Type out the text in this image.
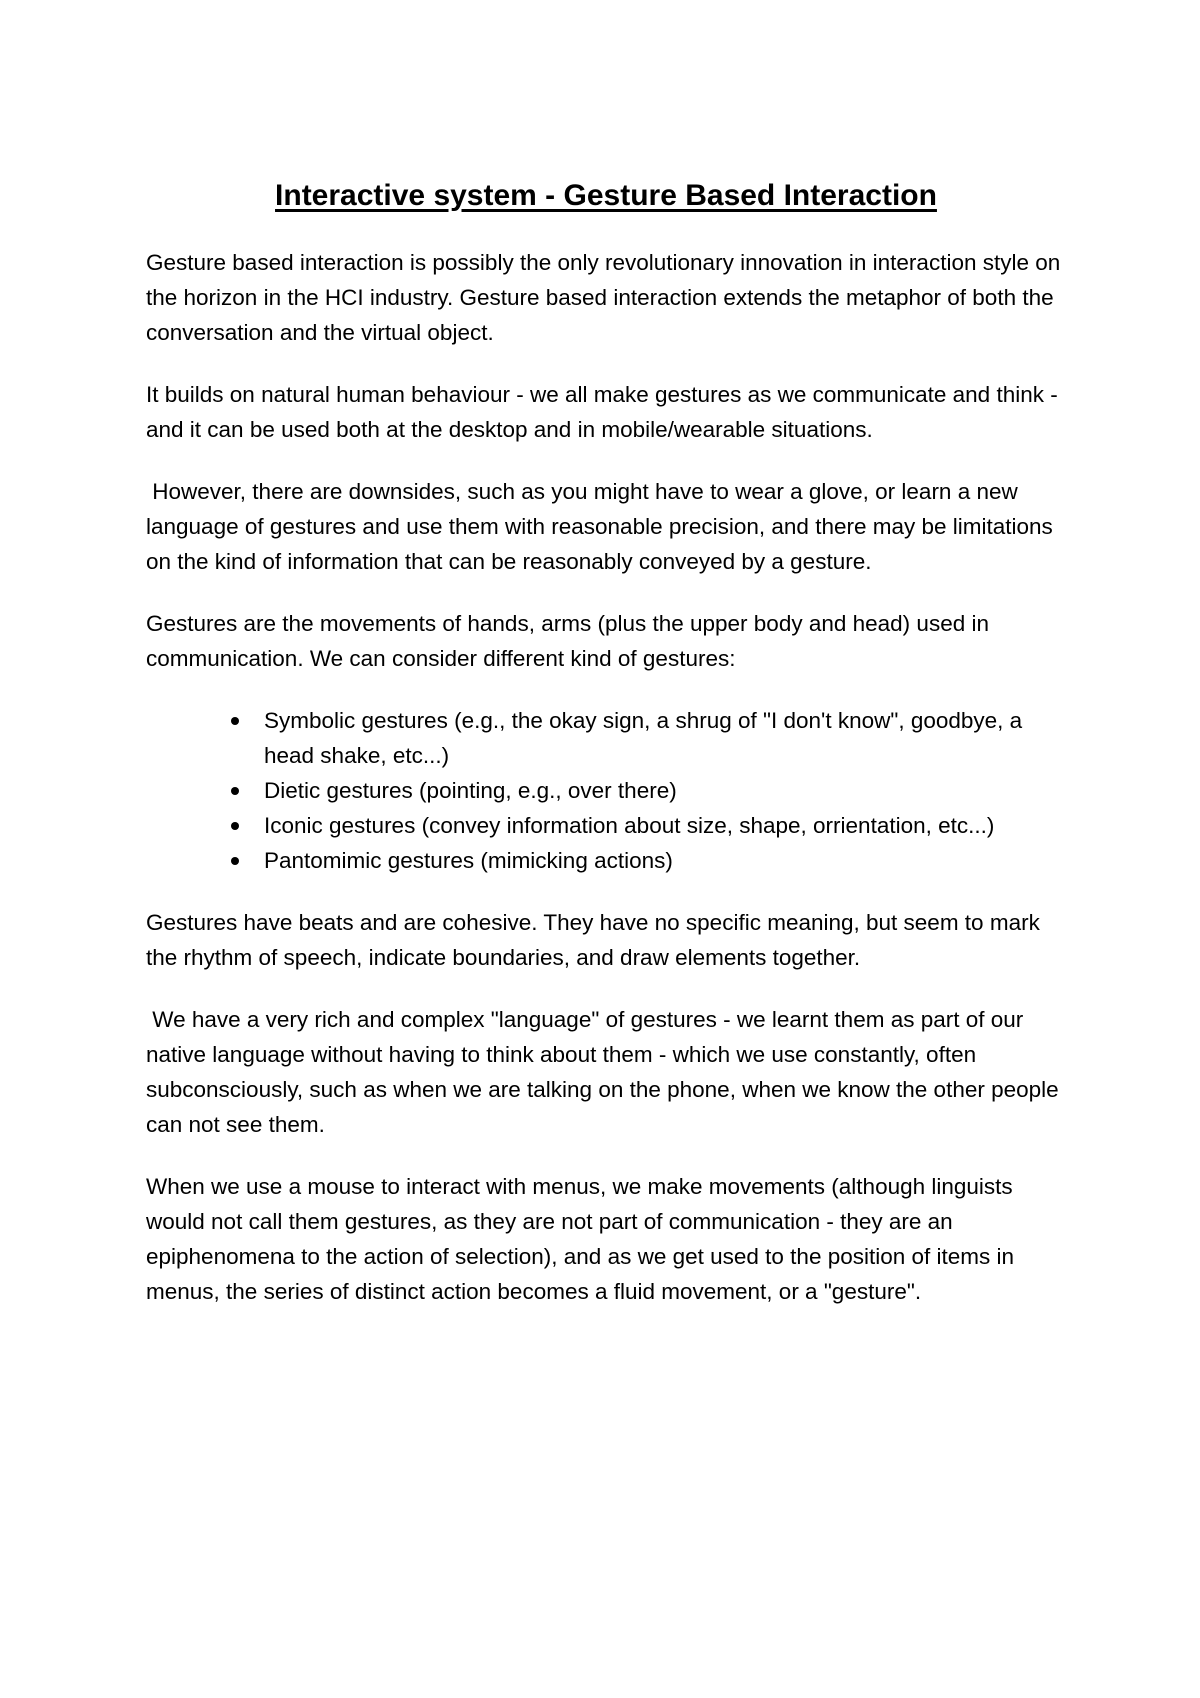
Interactive system - Gesture Based Interaction

Gesture based interaction is possibly the only revolutionary innovation in interaction style on the horizon in the HCI industry. Gesture based interaction extends the metaphor of both the conversation and the virtual object.

It builds on natural human behaviour - we all make gestures as we communicate and think - and it can be used both at the desktop and in mobile/wearable situations.

However, there are downsides, such as you might have to wear a glove, or learn a new language of gestures and use them with reasonable precision, and there may be limitations on the kind of information that can be reasonably conveyed by a gesture.

Gestures are the movements of hands, arms (plus the upper body and head) used in communication. We can consider different kind of gestures:

Symbolic gestures (e.g., the okay sign, a shrug of "I don't know", goodbye, a head shake, etc...)
Dietic gestures (pointing, e.g., over there)
Iconic gestures (convey information about size, shape, orrientation, etc...)
Pantomimic gestures (mimicking actions)

Gestures have beats and are cohesive. They have no specific meaning, but seem to mark the rhythm of speech, indicate boundaries, and draw elements together.

We have a very rich and complex "language" of gestures - we learnt them as part of our native language without having to think about them - which we use constantly, often subconsciously, such as when we are talking on the phone, when we know the other people can not see them.

When we use a mouse to interact with menus, we make movements (although linguists would not call them gestures, as they are not part of communication - they are an epiphenomena to the action of selection), and as we get used to the position of items in menus, the series of distinct action becomes a fluid movement, or a "gesture".
